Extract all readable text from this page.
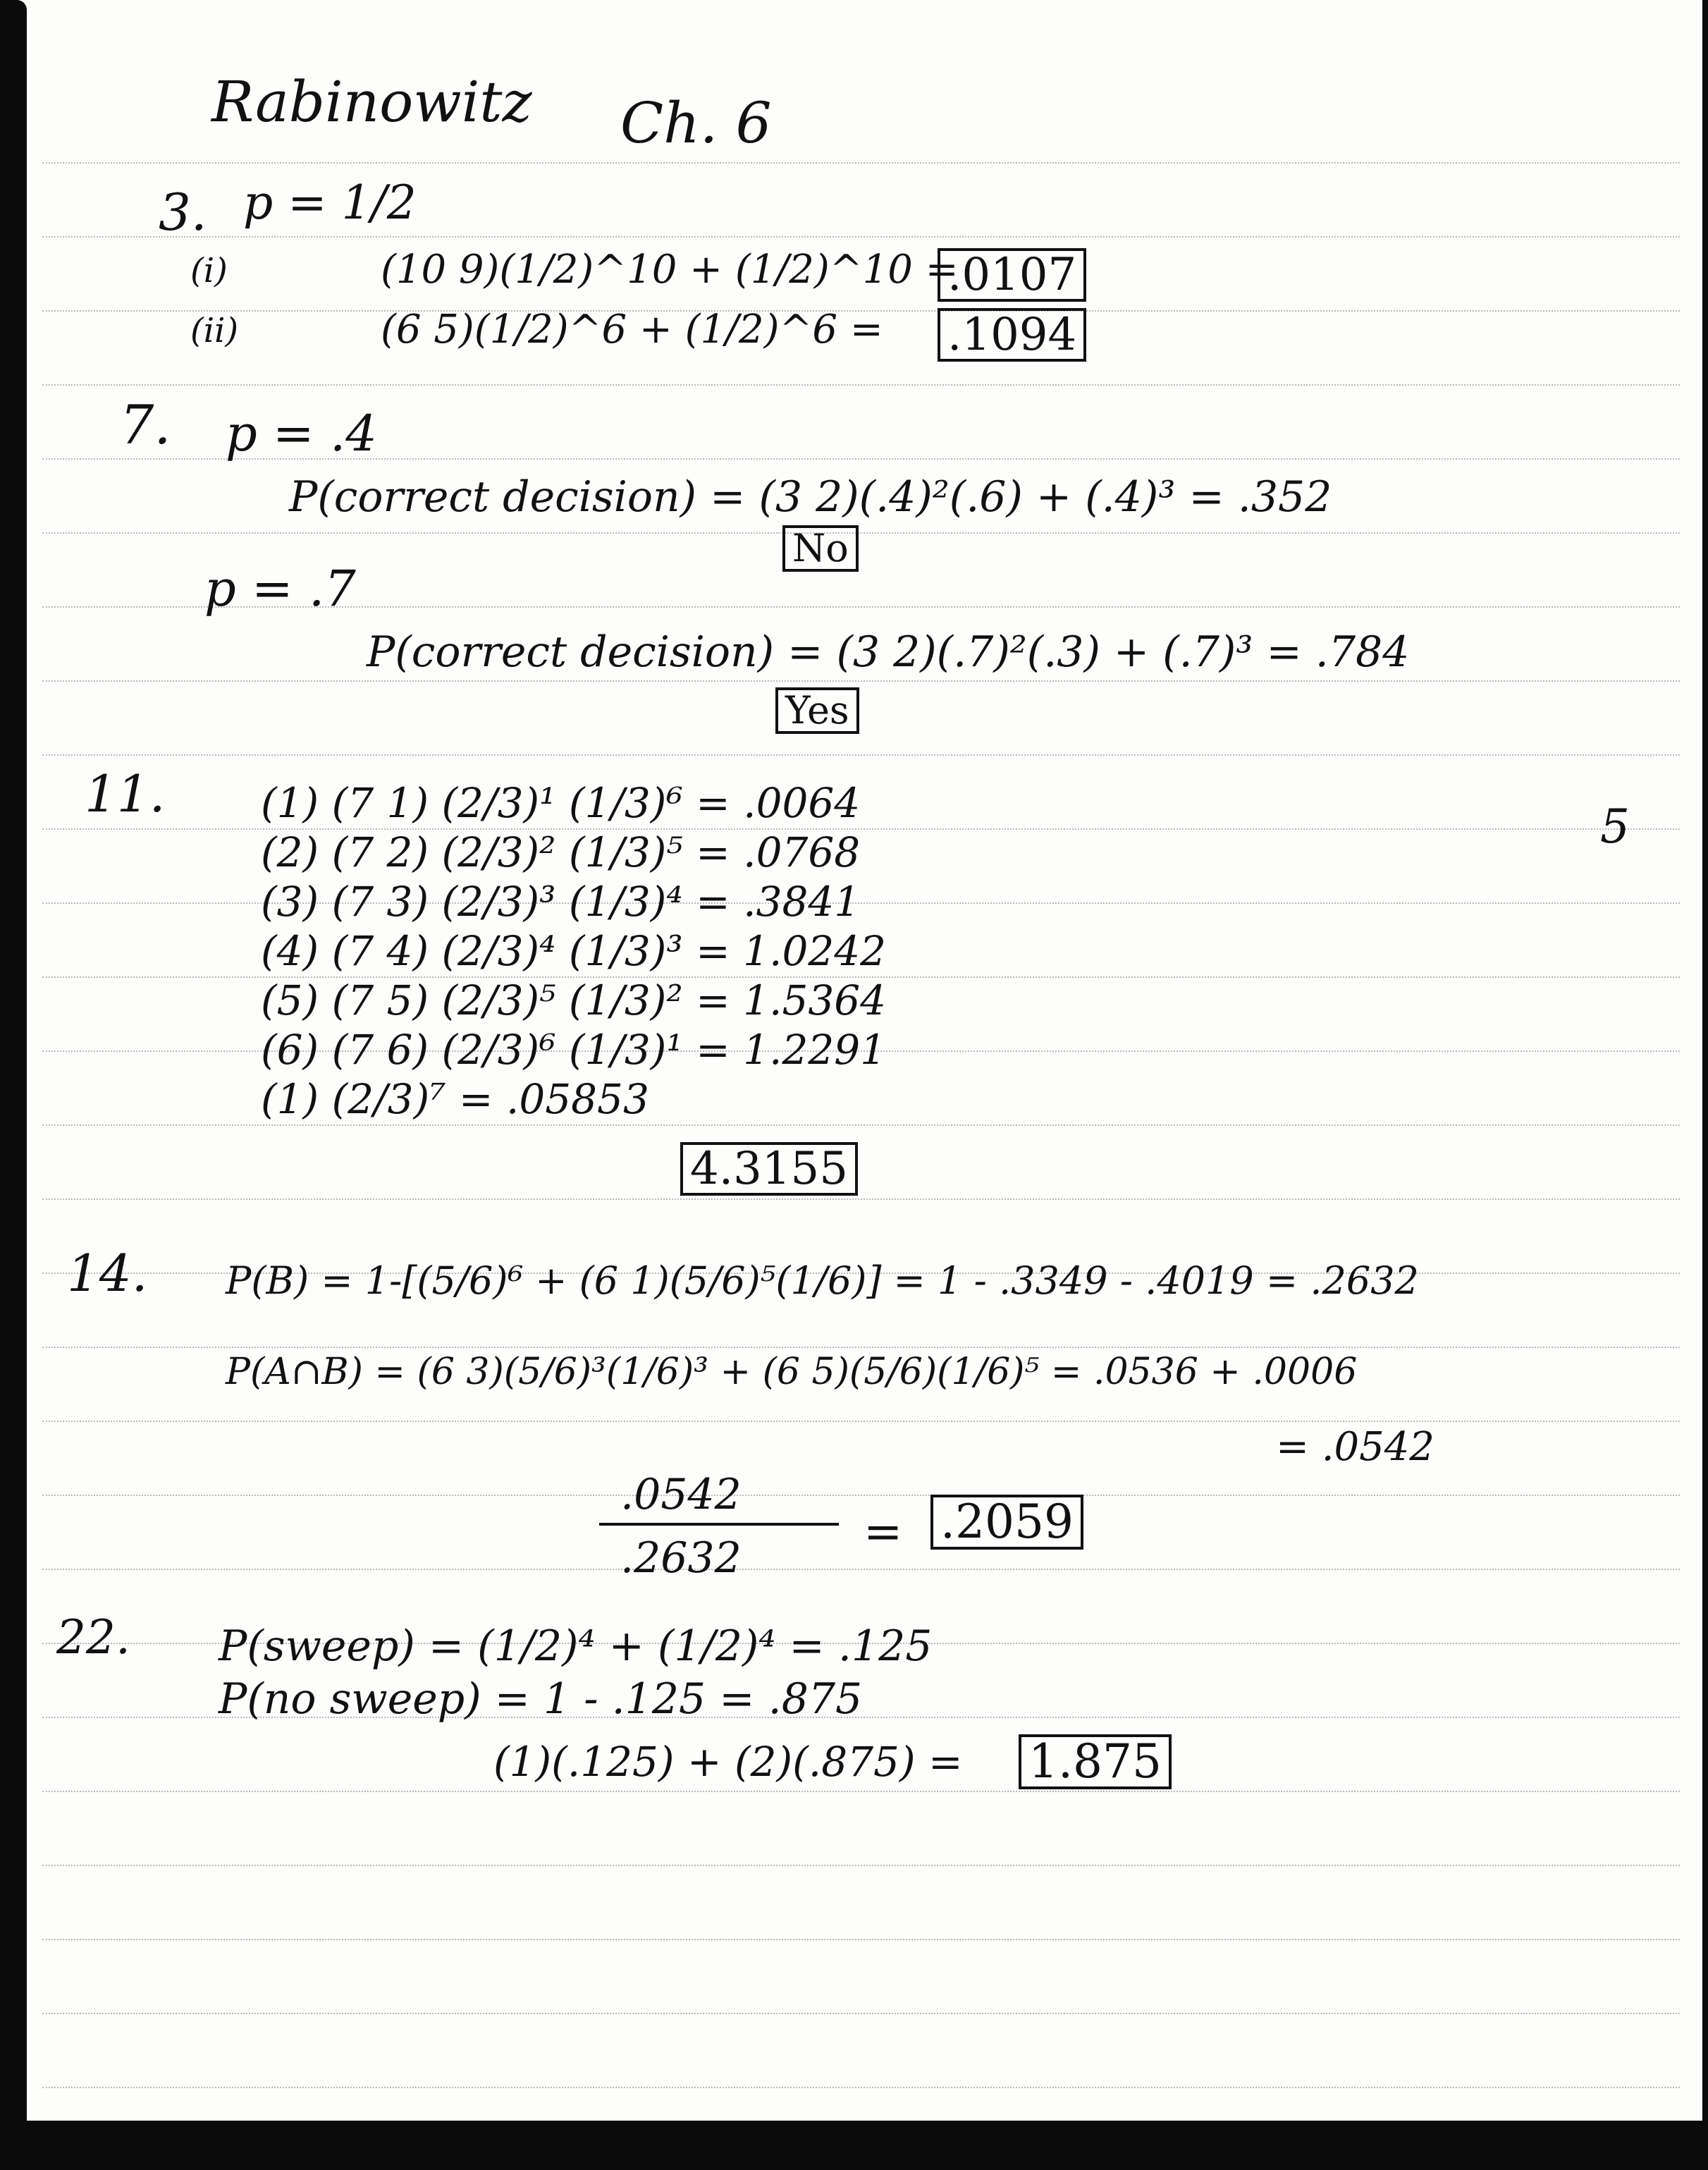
Rabinowitz Ch. 6
3. p = 1/2
(i)	(10 9)(1/2)^10 + (1/2)^10 =
.0107
(ii)	(6 5)(1/2)^6 + (1/2)^6 = .1094
7. p = .4
P(correct decision) = (3 2)(.4)²(.6) + (.4)³ = .352
No
p = .7
P(correct decision) = (3 2)(.7)²(.3) + (.7)³ = .784
Yes
11. (1) (7 1) (2/3)¹ (1/3)⁶ = .0064
(2) (7 2) (2/3)² (1/3)⁵ = .0768
(3) (7 3) (2/3)³ (1/3)⁴ = .3841
(4) (7 4) (2/3)⁴ (1/3)³ = 1.0242
(5) (7 5) (2/3)⁵ (1/3)² = 1.5364
(6) (7 6) (2/3)⁶ (1/3)¹ = 1.2291
(1) (2/3)⁷ = .05853
4.3155
5
14. P(B) = 1-[(5/6)⁶ + (6 1)(5/6)⁵(1/6)] = 1 - .3349 - .4019 = .2632
P(A∩B) = (6 3)(5/6)³(1/6)³ + (6 5)(5/6)(1/6)⁵ = .0536 + .0006
= .0542
.0542
.2632	= .2059
22. P(sweep) = (1/2)⁴ + (1/2)⁴ = .125
P(no sweep) = 1 - .125 = .875
(1)(.125) + (2)(.875) = 1.875
